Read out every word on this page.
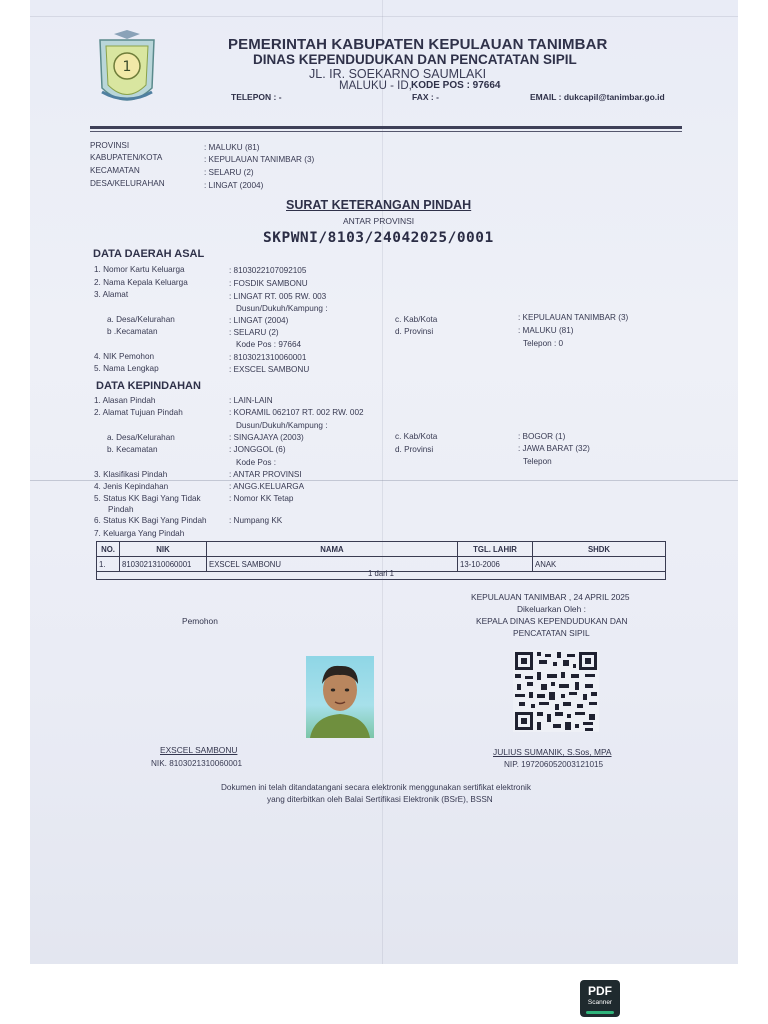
1
PEMERINTAH KABUPATEN KEPULAUAN TANIMBAR
DINAS KEPENDUDUKAN DAN PENCATATAN SIPIL
JL. IR. SOEKARNO SAUMLAKI
MALUKU - ID, KODE POS : 97664
TELEPON : -	FAX : -	EMAIL : dukcapil@tanimbar.go.id
PROVINSI	: MALUKU (81)
KABUPATEN/KOTA	: KEPULAUAN TANIMBAR (3)
KECAMATAN	: SELARU (2)
DESA/KELURAHAN	: LINGAT (2004)
SURAT KETERANGAN PINDAH
ANTAR PROVINSI
SKPWNI/8103/24042025/0001
DATA DAERAH ASAL
1. Nomor Kartu Keluarga	: 8103022107092105
2. Nama Kepala Keluarga	: FOSDIK SAMBONU
3. Alamat	: LINGAT RT. 005 RW. 003
Dusun/Dukuh/Kampung :
a. Desa/Kelurahan	: LINGAT (2004)
b .Kecamatan	: SELARU (2)
Kode Pos : 97664
c. Kab/Kota	: KEPULAUAN TANIMBAR (3)
d. Provinsi	: MALUKU (81)
Telepon : 0
4. NIK Pemohon	: 8103021310060001
5. Nama Lengkap	: EXSCEL SAMBONU
DATA KEPINDAHAN
1. Alasan Pindah	: LAIN-LAIN
2. Alamat Tujuan Pindah	: KORAMIL 062107 RT. 002 RW. 002
Dusun/Dukuh/Kampung :
a. Desa/Kelurahan	: SINGAJAYA (2003)
b. Kecamatan	: JONGGOL (6)
Kode Pos :
c. Kab/Kota	: BOGOR (1)
d. Provinsi	: JAWA BARAT (32)
Telepon
3. Klasifikasi Pindah	: ANTAR PROVINSI
4. Jenis Kepindahan	: ANGG.KELUARGA
5. Status KK Bagi Yang Tidak
Pindah
: Nomor KK Tetap
6. Status KK Bagi Yang Pindah	: Numpang KK
7. Keluarga Yang Pindah
NO.	NIK	NAMA	TGL. LAHIR	SHDK
1.	8103021310060001	EXSCEL SAMBONU	13-10-2006	ANAK
1 dari 1
KEPULAUAN TANIMBAR , 24 APRIL 2025
Dikeluarkan Oleh :
KEPALA DINAS KEPENDUDUKAN DAN
PENCATATAN SIPIL
Pemohon
EXSCEL SAMBONU
NIK. 8103021310060001
JULIUS SUMANIK, S.Sos, MPA
NIP. 197206052003121015
Dokumen ini telah ditandatangani secara elektronik menggunakan sertifikat elektronik
yang diterbitkan oleh Balai Sertifikasi Elektronik (BSrE), BSSN
PDF
Scanner
